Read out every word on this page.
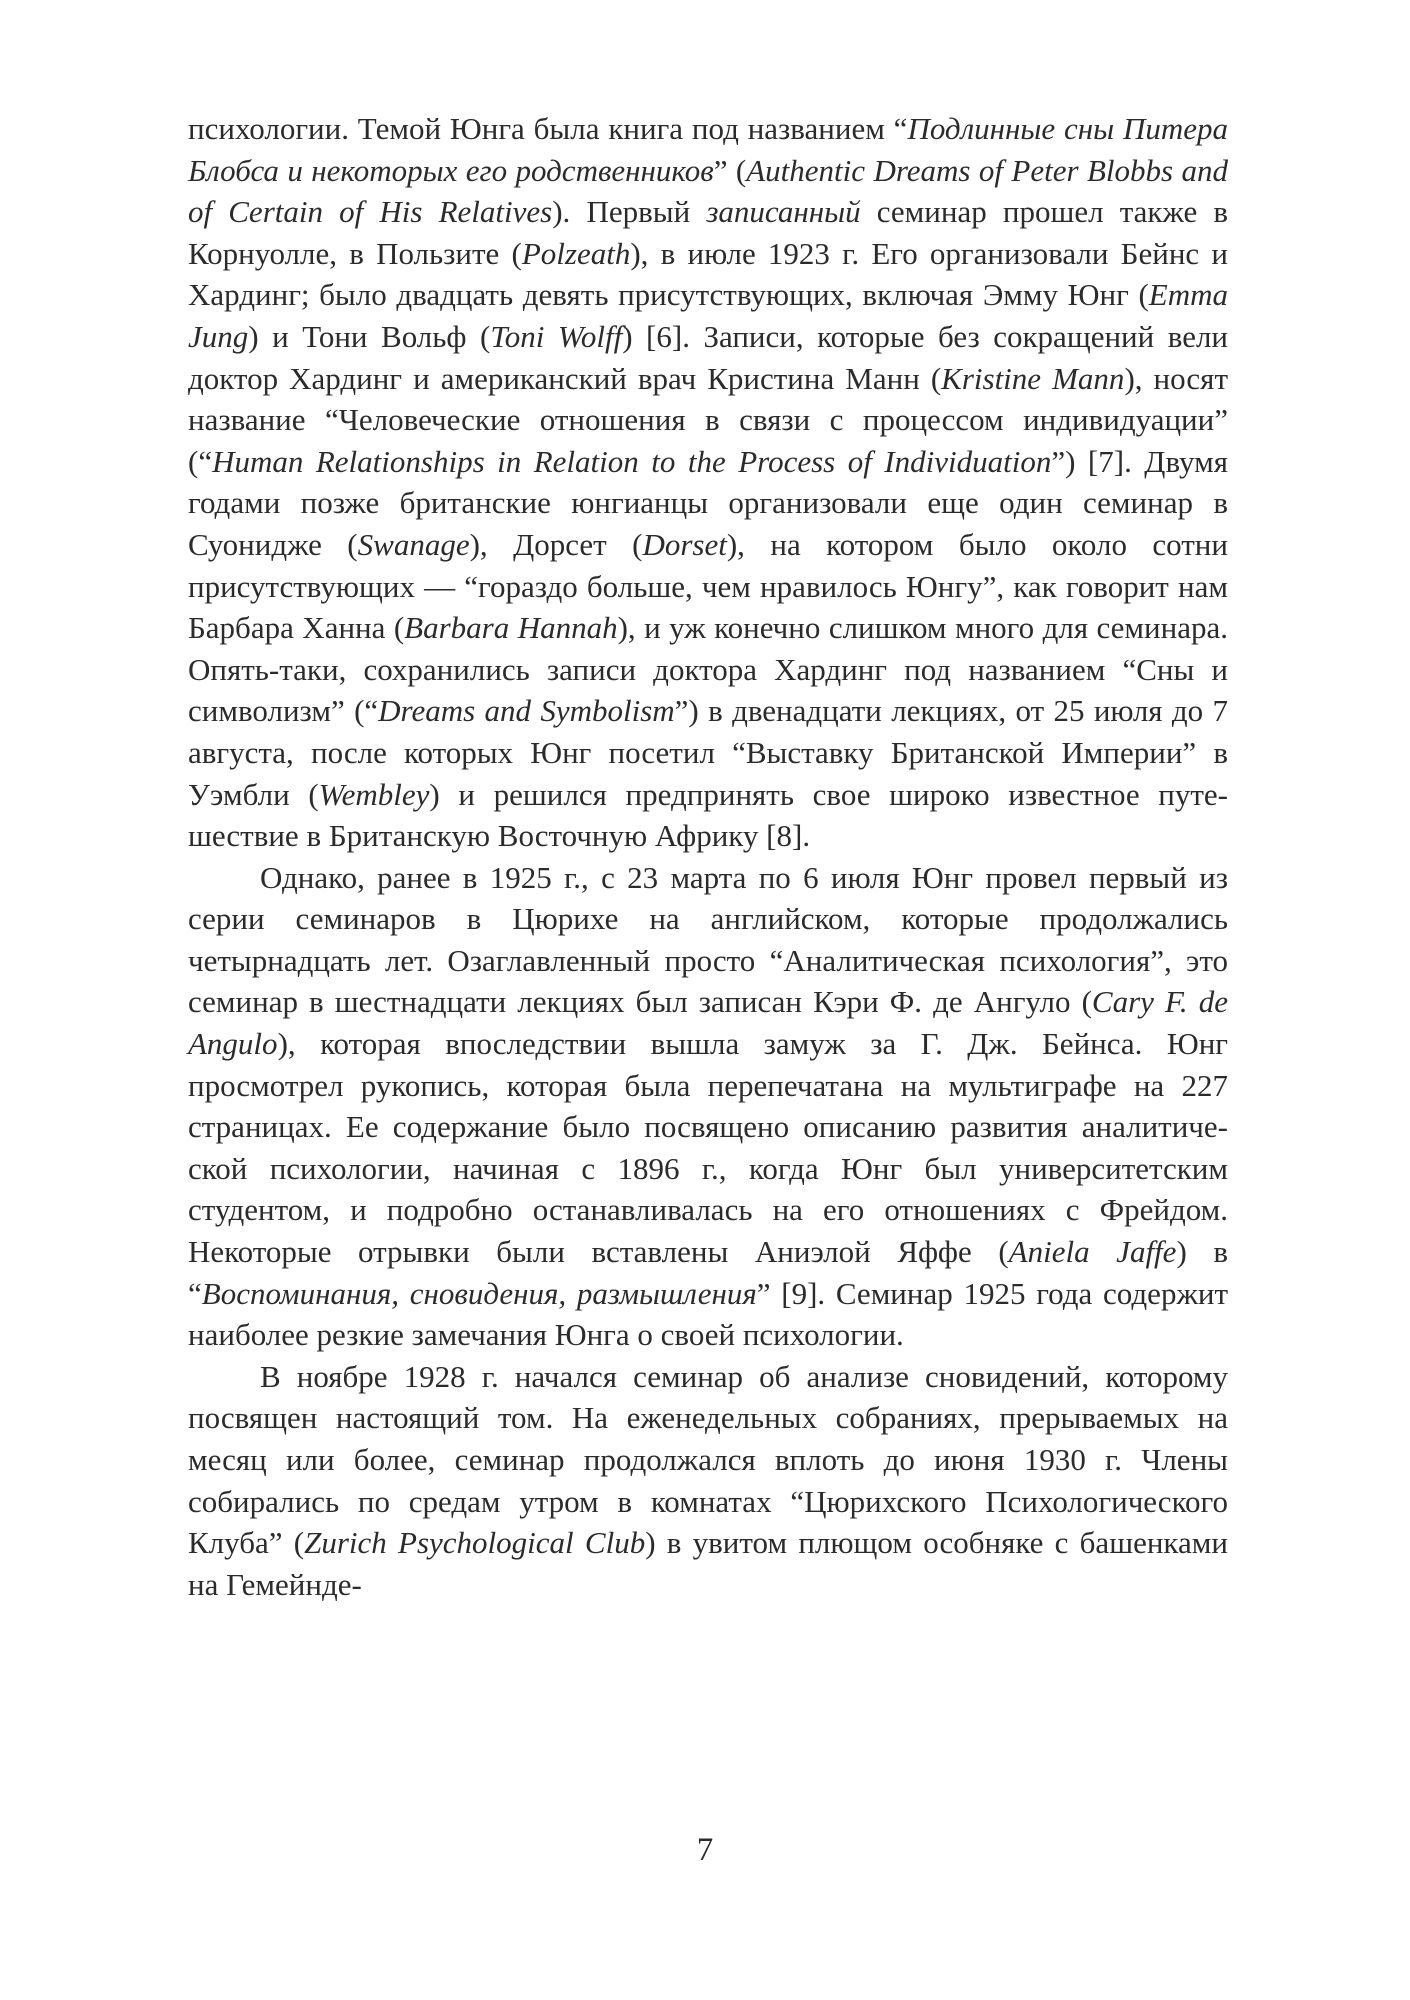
психологии. Темой Юнга была книга под названием “Подлинные сны Питера Блобса и некоторых его родственников” (Authentic Dreams of Peter Blobbs and of Certain of His Relatives). Первый записанный семинар прошел также в Корнуолле, в Пользите (Polzeath), в июле 1923 г. Его организовали Бейнс и Хардинг; было двадцать девять присутствующих, включая Эмму Юнг (Emma Jung) и Тони Вольф (Toni Wolff) [6]. Записи, которые без сокращений вели доктор Хардинг и американский врач Кристина Манн (Kristine Mann), носят название “Человеческие отношения в связи с процессом индивидуации” (“Human Relationships in Relation to the Process of Individuation”) [7]. Двумя годами позже британские юнгианцы организовали еще один семинар в Суонидже (Swanage), Дорсет (Dorset), на котором было около сотни присутствующих — “гораздо больше, чем нравилось Юнгу”, как говорит нам Барбара Ханна (Barbara Hannah), и уж конечно слишком много для семинара. Опять-таки, сохранились записи доктора Хардинг под названием “Сны и символизм” (“Dreams and Symbolism”) в двенадцати лекциях, от 25 июля до 7 августа, после которых Юнг посетил “Выставку Британской Империи” в Уэмбли (Wembley) и решился предпринять свое широко известное путешествие в Британскую Восточную Африку [8].

Однако, ранее в 1925 г., с 23 марта по 6 июля Юнг провел первый из серии семинаров в Цюрихе на английском, которые продолжались четырнадцать лет. Озаглавленный просто “Аналитическая психология”, это семинар в шестнадцати лекциях был записан Кэри Ф. де Ангуло (Cary F. de Angulo), которая впоследствии вышла замуж за Г. Дж. Бейнса. Юнг просмотрел рукопись, которая была перепечатана на мультиграфе на 227 страницах. Ее содержание было посвящено описанию развития аналитической психологии, начиная с 1896 г., когда Юнг был университетским студентом, и подробно останавливалась на его отношениях с Фрейдом. Некоторые отрывки были вставлены Аниэлой Яффе (Aniela Jaffe) в “Воспоминания, сновидения, размышления” [9]. Семинар 1925 года содержит наиболее резкие замечания Юнга о своей психологии.

В ноябре 1928 г. начался семинар об анализе сновидений, которому посвящен настоящий том. На еженедельных собраниях, прерываемых на месяц или более, семинар продолжался вплоть до июня 1930 г. Члены собирались по средам утром в комнатах “Цюрихского Психологического Клуба” (Zurich Psychological Club) в увитом плющом особняке с башенками на Гемейнде-

7
